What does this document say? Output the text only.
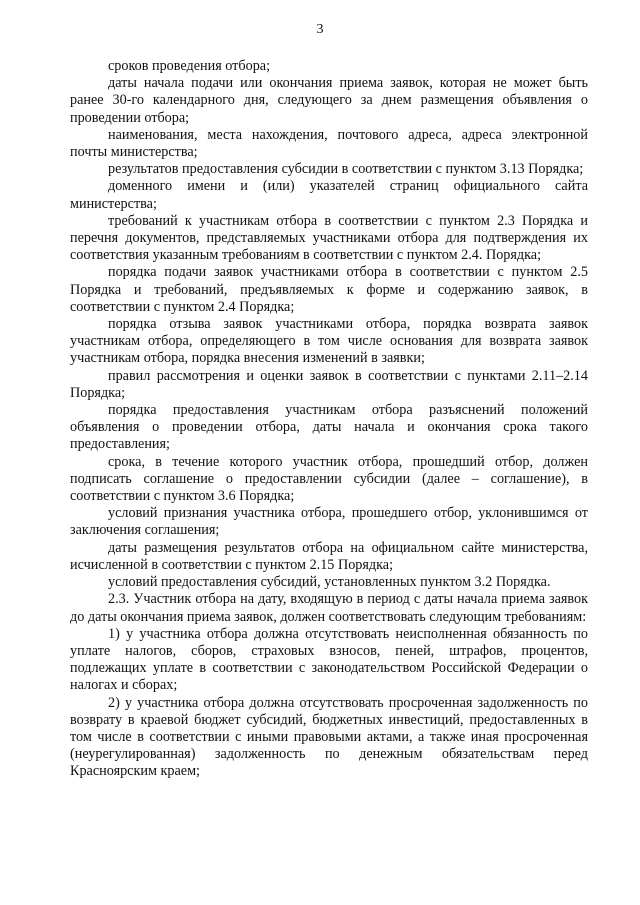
3

сроков проведения отбора;

даты начала подачи или окончания приема заявок, которая не может быть ранее 30-го календарного дня, следующего за днем размещения объявления о проведении отбора;

наименования, места нахождения, почтового адреса, адреса электронной почты министерства;

результатов предоставления субсидии в соответствии с пунктом 3.13 Порядка;

доменного имени и (или) указателей страниц официального сайта министерства;

требований к участникам отбора в соответствии с пунктом 2.3 Порядка и перечня документов, представляемых участниками отбора для подтверждения их соответствия указанным требованиям в соответствии с пунктом 2.4. Порядка;

порядка подачи заявок участниками отбора в соответствии с пунктом 2.5 Порядка и требований, предъявляемых к форме и содержанию заявок, в соответствии с пунктом 2.4 Порядка;

порядка отзыва заявок участниками отбора, порядка возврата заявок участникам отбора, определяющего в том числе основания для возврата заявок участникам отбора, порядка внесения изменений в заявки;

правил рассмотрения и оценки заявок в соответствии с пунктами 2.11–2.14 Порядка;

порядка предоставления участникам отбора разъяснений положений объявления о проведении отбора, даты начала и окончания срока такого предоставления;

срока, в течение которого участник отбора, прошедший отбор, должен подписать соглашение о предоставлении субсидии (далее – соглашение), в соответствии с пунктом 3.6 Порядка;

условий признания участника отбора, прошедшего отбор, уклонившимся от заключения соглашения;

даты размещения результатов отбора на официальном сайте министерства, исчисленной в соответствии с пунктом 2.15 Порядка;

условий предоставления субсидий, установленных пунктом 3.2 Порядка.

2.3. Участник отбора на дату, входящую в период с даты начала приема заявок до даты окончания приема заявок, должен соответствовать следующим требованиям:

1) у участника отбора должна отсутствовать неисполненная обязанность по уплате налогов, сборов, страховых взносов, пеней, штрафов, процентов, подлежащих уплате в соответствии с законодательством Российской Федерации о налогах и сборах;

2) у участника отбора должна отсутствовать просроченная задолженность по возврату в краевой бюджет субсидий, бюджетных инвестиций, предоставленных в том числе в соответствии с иными правовыми актами, а также иная просроченная (неурегулированная) задолженность по денежным обязательствам перед Красноярским краем;
